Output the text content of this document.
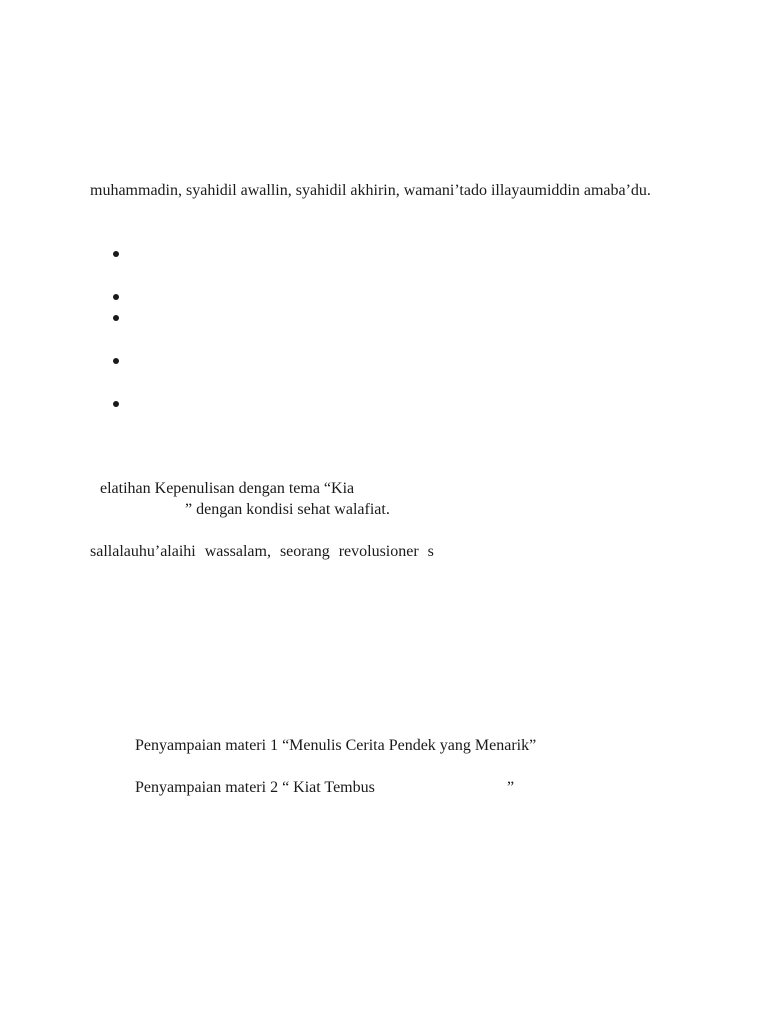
muhammadin, syahidil awallin, syahidil akhirin, wamani’tado illayaumiddin amaba’du.
elatihan Kepenulisan dengan tema “Kia
” dengan kondisi sehat walafiat.
sallalauhu’alaihi wassalam, seorang revolusioner s
Penyampaian materi 1 “Menulis Cerita Pendek yang Menarik”
Penyampaian materi 2 “ Kiat Tembus	”
